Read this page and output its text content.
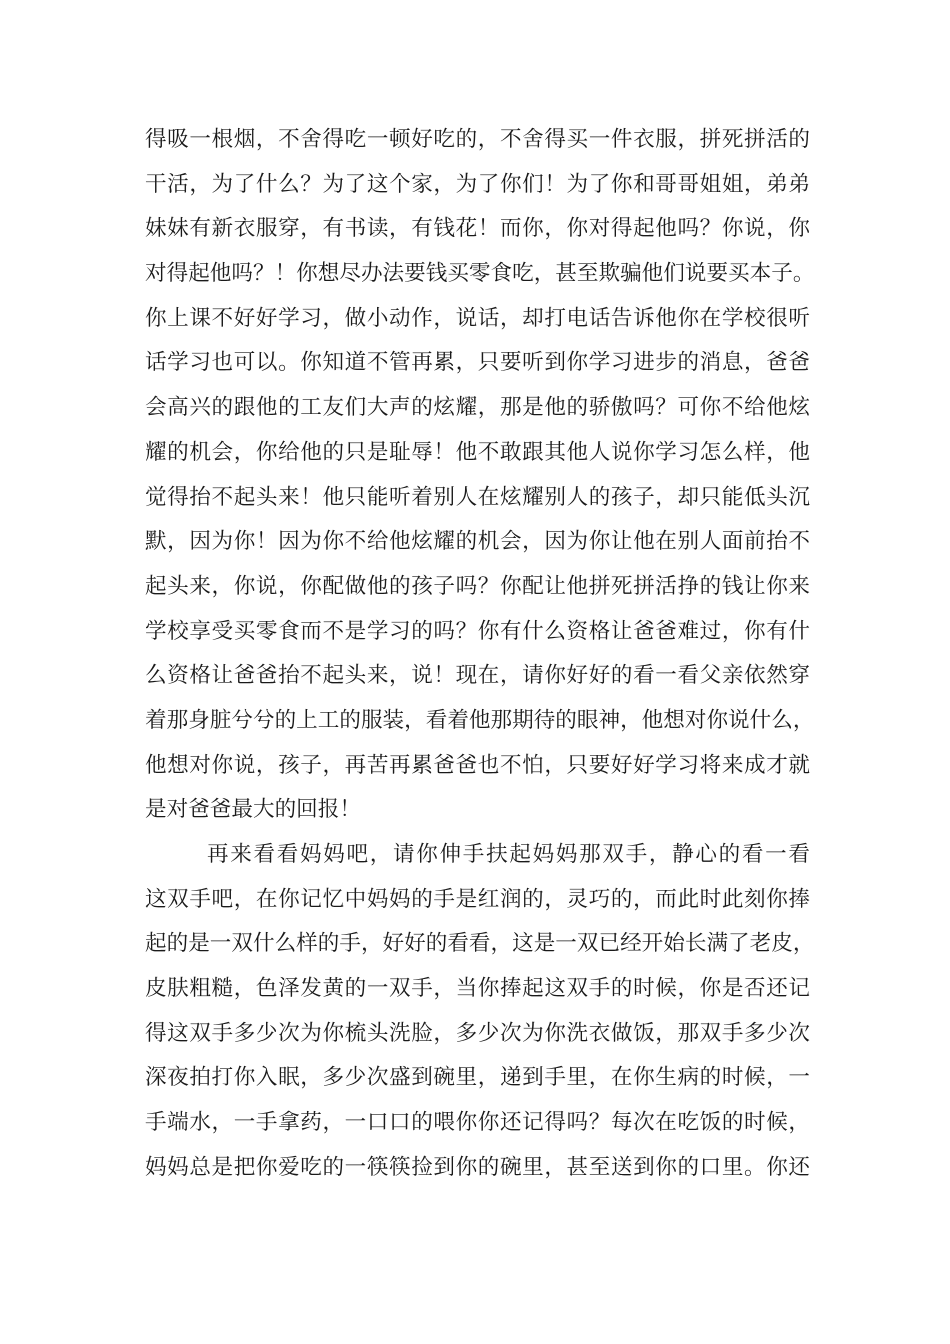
得吸一根烟，不舍得吃一顿好吃的，不舍得买一件衣服，拼死拼活的
干活，为了什么？为了这个家，为了你们！为了你和哥哥姐姐，弟弟
妹妹有新衣服穿，有书读，有钱花！而你，你对得起他吗？你说，你
对得起他吗？！你想尽办法要钱买零食吃，甚至欺骗他们说要买本子。
你上课不好好学习，做小动作，说话，却打电话告诉他你在学校很听
话学习也可以。你知道不管再累，只要听到你学习进步的消息，爸爸
会高兴的跟他的工友们大声的炫耀，那是他的骄傲吗？可你不给他炫
耀的机会，你给他的只是耻辱！他不敢跟其他人说你学习怎么样，他
觉得抬不起头来！他只能听着别人在炫耀别人的孩子，却只能低头沉
默，因为你！因为你不给他炫耀的机会，因为你让他在别人面前抬不
起头来，你说，你配做他的孩子吗？你配让他拼死拼活挣的钱让你来
学校享受买零食而不是学习的吗？你有什么资格让爸爸难过，你有什
么资格让爸爸抬不起头来，说！现在，请你好好的看一看父亲依然穿
着那身脏兮兮的上工的服装，看着他那期待的眼神，他想对你说什么，
他想对你说，孩子，再苦再累爸爸也不怕，只要好好学习将来成才就
是对爸爸最大的回报！
再来看看妈妈吧，请你伸手扶起妈妈那双手，静心的看一看
这双手吧，在你记忆中妈妈的手是红润的，灵巧的，而此时此刻你捧
起的是一双什么样的手，好好的看看，这是一双已经开始长满了老皮，
皮肤粗糙，色泽发黄的一双手，当你捧起这双手的时候，你是否还记
得这双手多少次为你梳头洗脸，多少次为你洗衣做饭，那双手多少次
深夜拍打你入眠，多少次盛到碗里，递到手里，在你生病的时候，一
手端水，一手拿药，一口口的喂你你还记得吗？每次在吃饭的时候，
妈妈总是把你爱吃的一筷筷捡到你的碗里，甚至送到你的口里。你还
